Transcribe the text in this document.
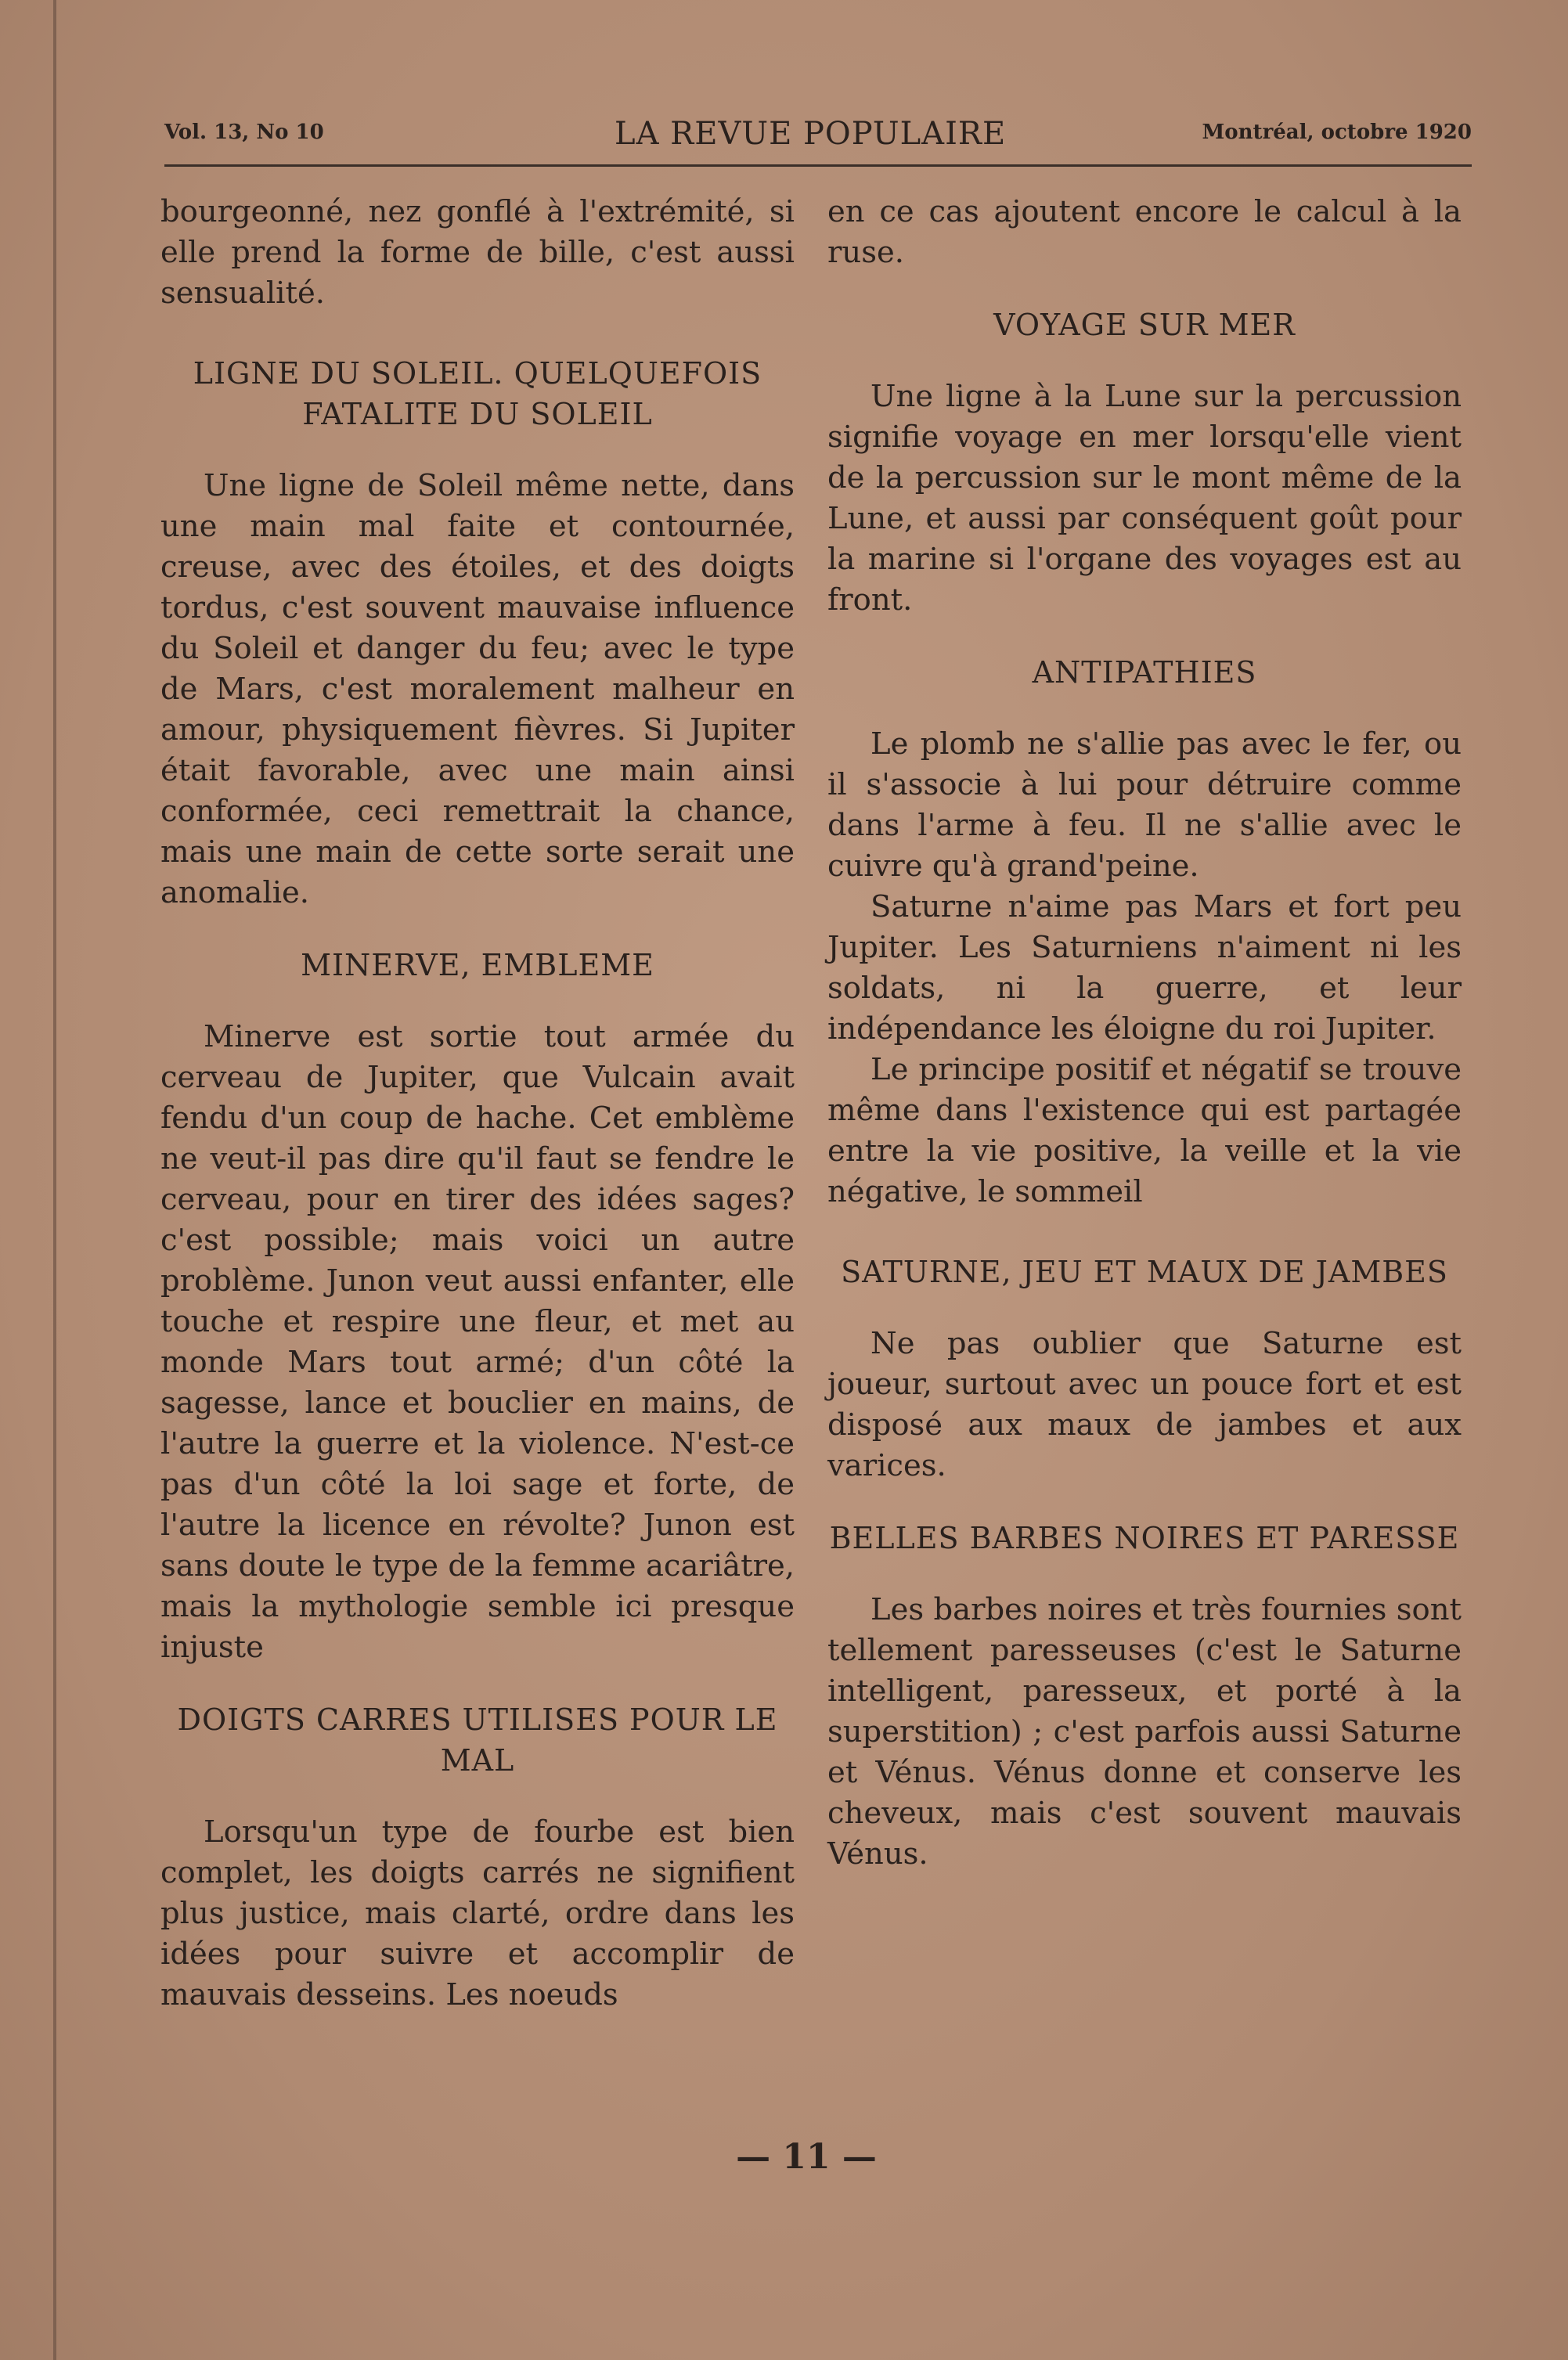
Vol. 13, No 10	LA REVUE POPULAIRE	Montréal, octobre 1920

bourgeonné, nez gonflé à l'extrémité, si elle prend la forme de bille, c'est aussi sensualité.

LIGNE DU SOLEIL. QUELQUEFOIS FATALITE DU SOLEIL

Une ligne de Soleil même nette, dans une main mal faite et contournée, creuse, avec des étoiles, et des doigts tordus, c'est souvent mauvaise influence du Soleil et danger du feu; avec le type de Mars, c'est moralement malheur en amour, physiquement fièvres. Si Jupiter était favorable, avec une main ainsi conformée, ceci remettrait la chance, mais une main de cette sorte serait une anomalie.

MINERVE, EMBLEME

Minerve est sortie tout armée du cerveau de Jupiter, que Vulcain avait fendu d'un coup de hache. Cet emblème ne veut-il pas dire qu'il faut se fendre le cerveau, pour en tirer des idées sages? c'est possible; mais voici un autre problème. Junon veut aussi enfanter, elle touche et respire une fleur, et met au monde Mars tout armé; d'un côté la sagesse, lance et bouclier en mains, de l'autre la guerre et la violence. N'est-ce pas d'un côté la loi sage et forte, de l'autre la licence en révolte? Junon est sans doute le type de la femme acariâtre, mais la mythologie semble ici presque injuste

DOIGTS CARRES UTILISES POUR LE MAL

Lorsqu'un type de fourbe est bien complet, les doigts carrés ne signifient plus justice, mais clarté, ordre dans les idées pour suivre et accomplir de mauvais desseins. Les noeuds

en ce cas ajoutent encore le calcul à la ruse.

VOYAGE SUR MER

Une ligne à la Lune sur la percussion signifie voyage en mer lorsqu'elle vient de la percussion sur le mont même de la Lune, et aussi par conséquent goût pour la marine si l'organe des voyages est au front.

ANTIPATHIES

Le plomb ne s'allie pas avec le fer, ou il s'associe à lui pour détruire comme dans l'arme à feu. Il ne s'allie avec le cuivre qu'à grand'peine.

Saturne n'aime pas Mars et fort peu Jupiter. Les Saturniens n'aiment ni les soldats, ni la guerre, et leur indépendance les éloigne du roi Jupiter.

Le principe positif et négatif se trouve même dans l'existence qui est partagée entre la vie positive, la veille et la vie négative, le sommeil

SATURNE, JEU ET MAUX DE JAMBES

Ne pas oublier que Saturne est joueur, surtout avec un pouce fort et est disposé aux maux de jambes et aux varices.

BELLES BARBES NOIRES ET PARESSE

Les barbes noires et très fournies sont tellement paresseuses (c'est le Saturne intelligent, paresseux, et porté à la superstition) ; c'est parfois aussi Saturne et Vénus. Vénus donne et conserve les cheveux, mais c'est souvent mauvais Vénus.

— 11 —
